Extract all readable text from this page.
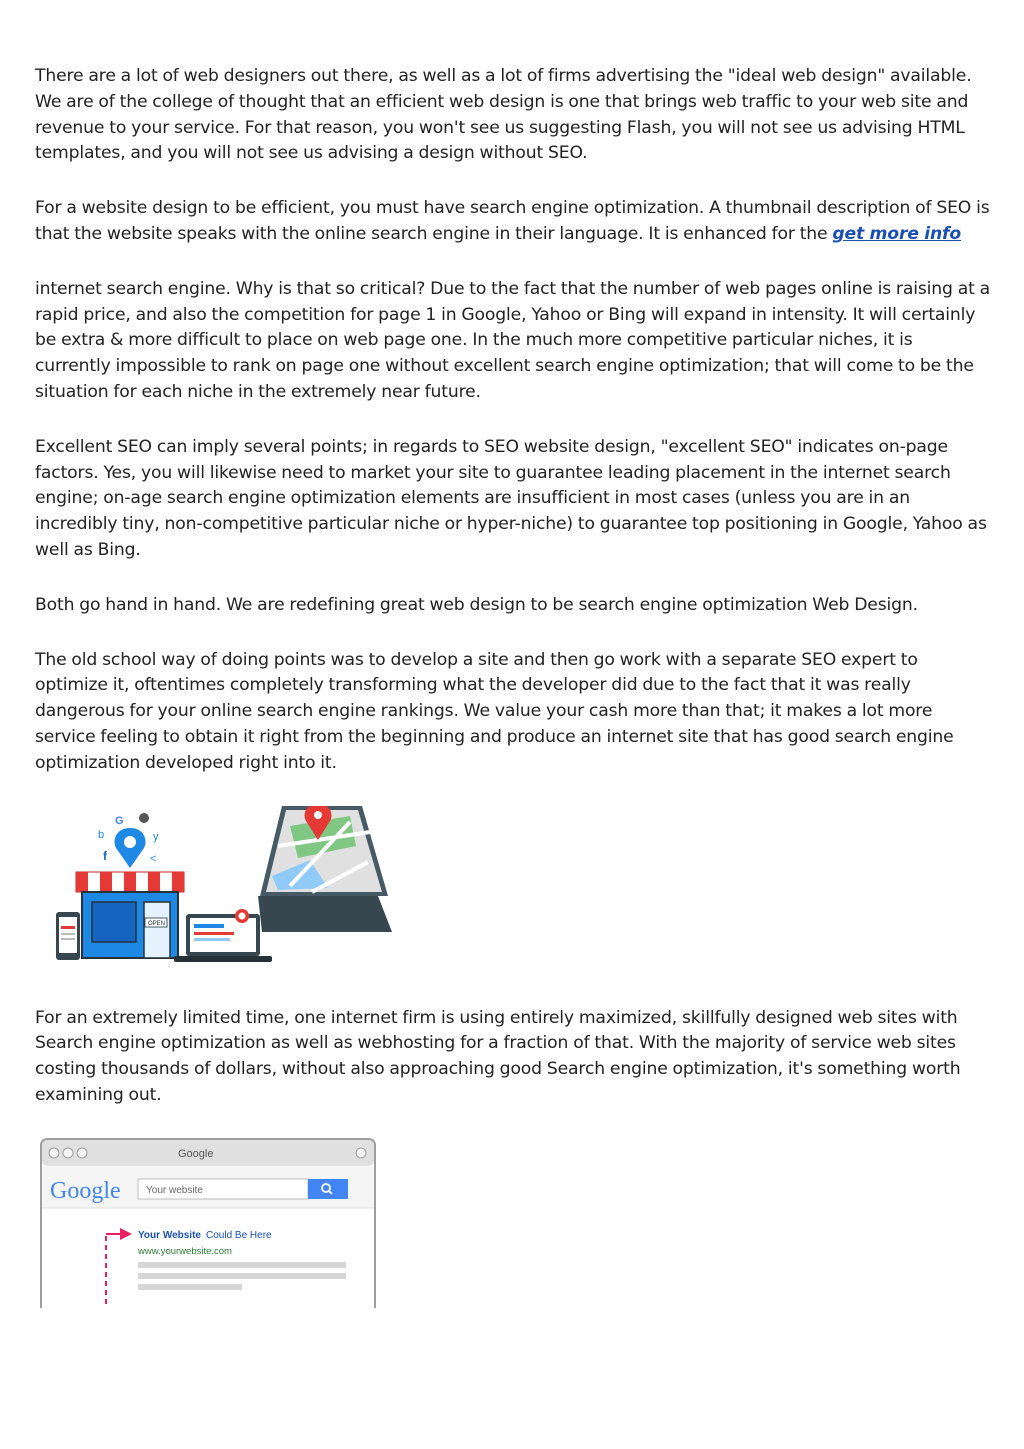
There are a lot of web designers out there, as well as a lot of firms advertising the "ideal web design" available. We are of the college of thought that an efficient web design is one that brings web traffic to your web site and revenue to your service. For that reason, you won't see us suggesting Flash, you will not see us advising HTML templates, and you will not see us advising a design without SEO.

For a website design to be efficient, you must have search engine optimization. A thumbnail description of SEO is that the website speaks with the online search engine in their language. It is enhanced for the get more info

internet search engine. Why is that so critical? Due to the fact that the number of web pages online is raising at a rapid price, and also the competition for page 1 in Google, Yahoo or Bing will expand in intensity. It will certainly be extra & more difficult to place on web page one. In the much more competitive particular niches, it is currently impossible to rank on page one without excellent search engine optimization; that will come to be the situation for each niche in the extremely near future.

Excellent SEO can imply several points; in regards to SEO website design, "excellent SEO" indicates on-page factors. Yes, you will likewise need to market your site to guarantee leading placement in the internet search engine; on-age search engine optimization elements are insufficient in most cases (unless you are in an incredibly tiny, non-competitive particular niche or hyper-niche) to guarantee top positioning in Google, Yahoo as well as Bing.

Both go hand in hand. We are redefining great web design to be search engine optimization Web Design.

The old school way of doing points was to develop a site and then go work with a separate SEO expert to optimize it, oftentimes completely transforming what the developer did due to the fact that it was really dangerous for your online search engine rankings. We value your cash more than that; it makes a lot more service feeling to obtain it right from the beginning and produce an internet site that has good search engine optimization developed right into it.

G
b	y
f	<
OPEN

For an extremely limited time, one internet firm is using entirely maximized, skillfully designed web sites with Search engine optimization as well as webhosting for a fraction of that. With the majority of service web sites costing thousands of dollars, without also approaching good Search engine optimization, it's something worth examining out.

Google
Google	Your website
Your Website Could Be Here
www.yourwebsite.com
